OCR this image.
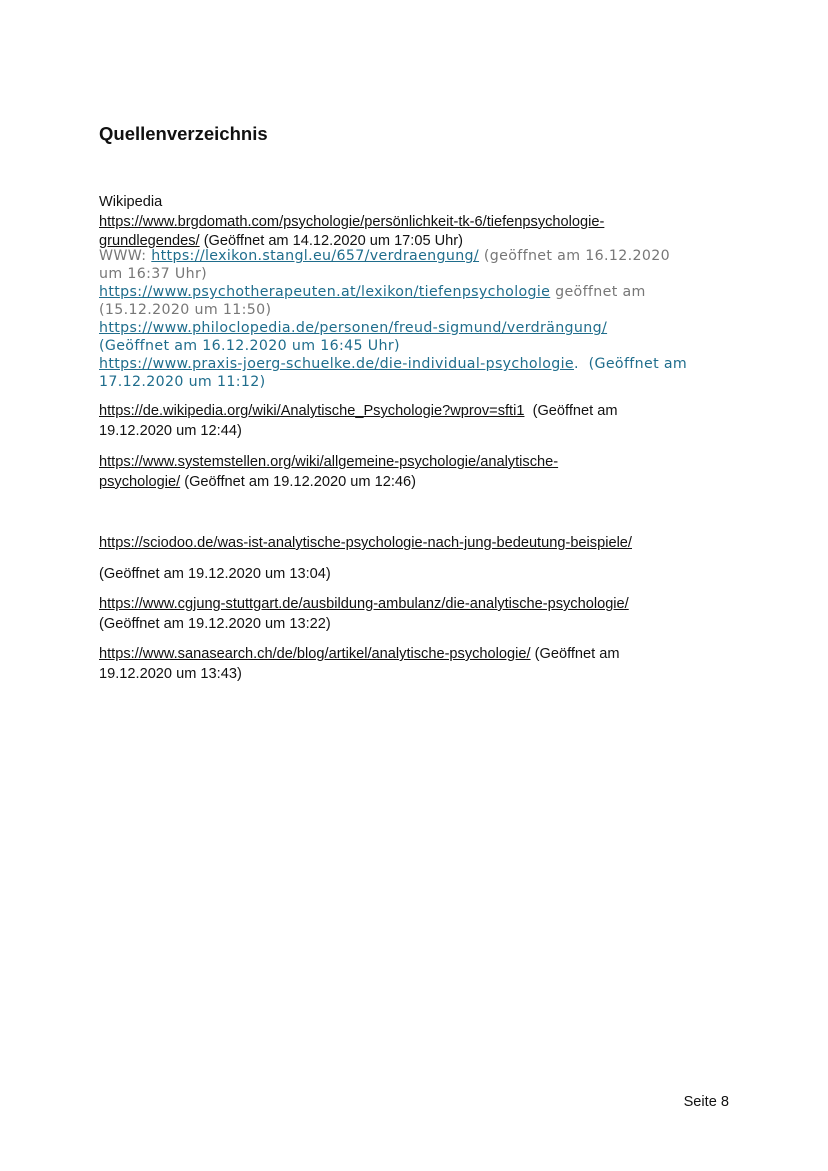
Quellenverzeichnis
Wikipedia
https://www.brgdomath.com/psychologie/persönlichkeit-tk-6/tiefenpsychologie-
grundlegendes/ (Geöffnet am 14.12.2020 um 17:05 Uhr)
WWW: https://lexikon.stangl.eu/657/verdraengung/ (geöffnet am 16.12.2020
um 16:37 Uhr)
https://www.psychotherapeuten.at/lexikon/tiefenpsychologie geöffnet am
(15.12.2020 um 11:50)
https://www.philoclopedia.de/personen/freud-sigmund/verdrängung/
(Geöffnet am 16.12.2020 um 16:45 Uhr)
https://www.praxis-joerg-schuelke.de/die-individual-psychologie. (Geöffnet am
17.12.2020 um 11:12)
https://de.wikipedia.org/wiki/Analytische_Psychologie?wprov=sfti1 (Geöffnet am
19.12.2020 um 12:44)
https://www.systemstellen.org/wiki/allgemeine-psychologie/analytische-
psychologie/ (Geöffnet am 19.12.2020 um 12:46)
https://sciodoo.de/was-ist-analytische-psychologie-nach-jung-bedeutung-beispiele/
(Geöffnet am 19.12.2020 um 13:04)
https://www.cgjung-stuttgart.de/ausbildung-ambulanz/die-analytische-psychologie/
(Geöffnet am 19.12.2020 um 13:22)
https://www.sanasearch.ch/de/blog/artikel/analytische-psychologie/ (Geöffnet am
19.12.2020 um 13:43)
Seite 8
